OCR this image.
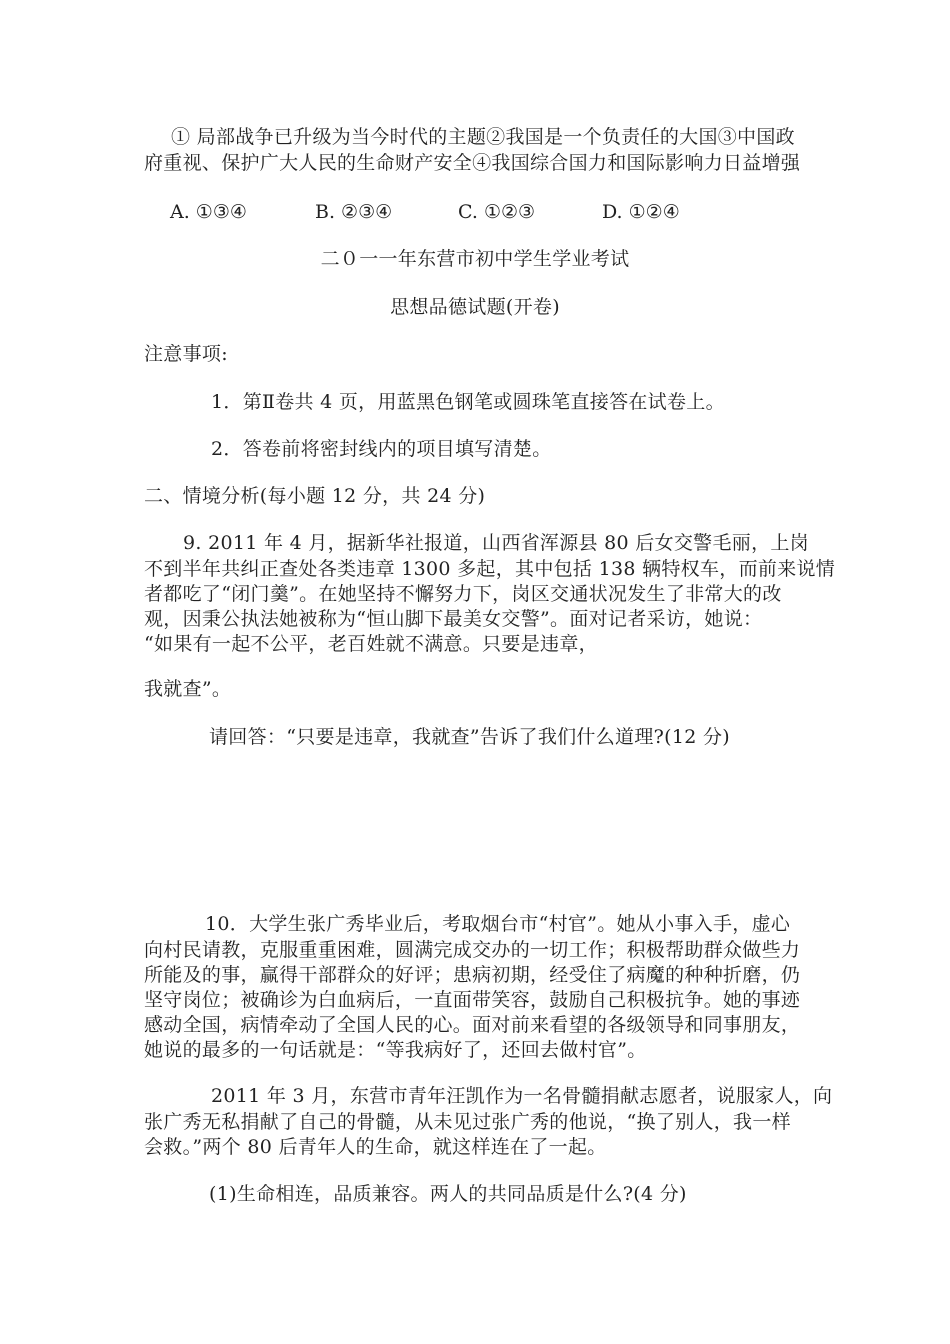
① 局部战争已升级为当今时代的主题②我国是一个负责任的大国③中国政
府重视、保护广大人民的生命财产安全④我国综合国力和国际影响力日益增强
A. ①③④	B. ②③④	C. ①②③	D. ①②④
二０一一年东营市初中学生学业考试
思想品德试题(开卷)
注意事项:
1．第Ⅱ卷共 4 页，用蓝黑色钢笔或圆珠笔直接答在试卷上。
2．答卷前将密封线内的项目填写清楚。
二、情境分析(每小题 12 分，共 24 分)
9. 2011 年 4 月，据新华社报道，山西省浑源县 80 后女交警毛丽，上岗
不到半年共纠正查处各类违章 1300 多起，其中包括 138 辆特权车，而前来说情
者都吃了“闭门羹”。在她坚持不懈努力下，岗区交通状况发生了非常大的改
观，因秉公执法她被称为“恒山脚下最美女交警”。面对记者采访，她说：
“如果有一起不公平，老百姓就不满意。只要是违章，
我就查”。
请回答：“只要是违章，我就查”告诉了我们什么道理?(12 分)
10．大学生张广秀毕业后，考取烟台市“村官”。她从小事入手，虚心
向村民请教，克服重重困难，圆满完成交办的一切工作；积极帮助群众做些力
所能及的事，赢得干部群众的好评；患病初期，经受住了病魔的种种折磨，仍
坚守岗位；被确诊为白血病后，一直面带笑容，鼓励自己积极抗争。她的事迹
感动全国，病情牵动了全国人民的心。面对前来看望的各级领导和同事朋友，
她说的最多的一句话就是：“等我病好了，还回去做村官”。
2011 年 3 月，东营市青年汪凯作为一名骨髓捐献志愿者，说服家人，向
张广秀无私捐献了自己的骨髓，从未见过张广秀的他说，“换了别人，我一样
会救。”两个 80 后青年人的生命，就这样连在了一起。
(1)生命相连，品质兼容。两人的共同品质是什么?(4 分)
